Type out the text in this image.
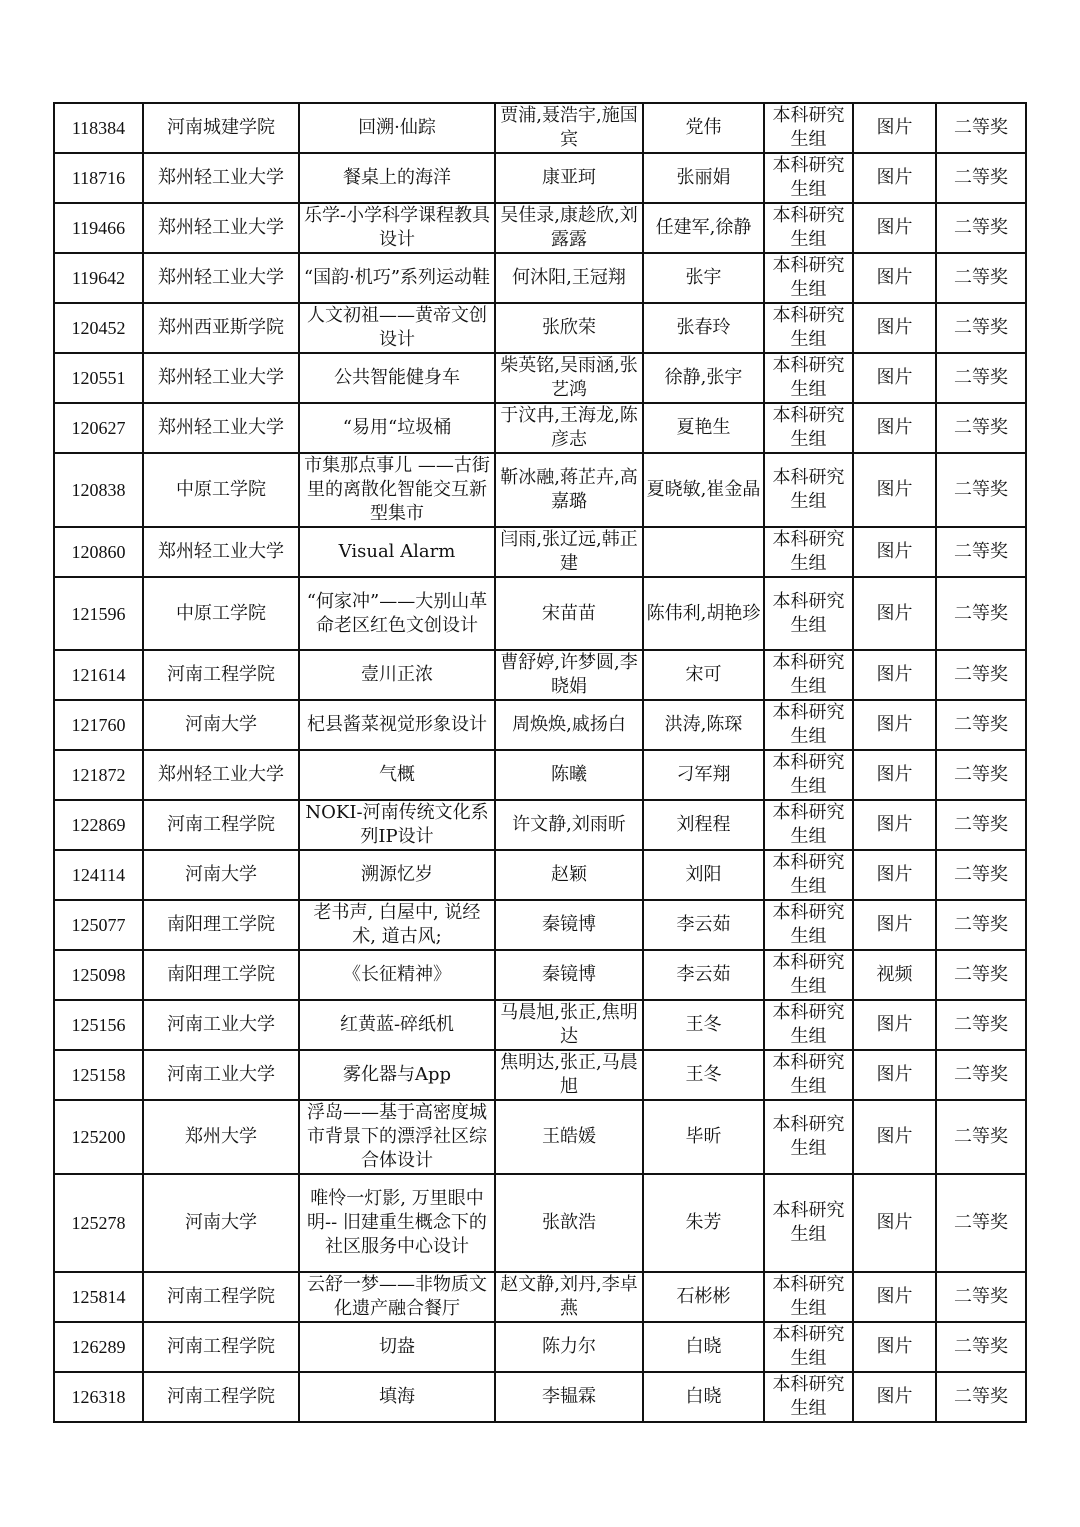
118384	河南城建学院	回溯·仙踪	贾浦,聂浩宇,施国宾	党伟	本科研究生组	图片	二等奖
118716	郑州轻工业大学	餐桌上的海洋	康亚珂	张丽娟	本科研究生组	图片	二等奖
119466	郑州轻工业大学	乐学-小学科学课程教具设计	吴佳录,康趁欣,刘露露	任建军,徐静	本科研究生组	图片	二等奖
119642	郑州轻工业大学	“国韵·机巧”系列运动鞋	何沐阳,王冠翔	张宇	本科研究生组	图片	二等奖
120452	郑州西亚斯学院	人文初祖——黄帝文创设计	张欣荣	张春玲	本科研究生组	图片	二等奖
120551	郑州轻工业大学	公共智能健身车	柴英铭,吴雨涵,张艺鸿	徐静,张宇	本科研究生组	图片	二等奖
120627	郑州轻工业大学	“易用“垃圾桶	于汶冉,王海龙,陈彦志	夏艳生	本科研究生组	图片	二等奖
120838	中原工学院	市集那点事儿 ——古街里的离散化智能交互新型集市	靳冰融,蒋芷卉,高嘉璐	夏晓敏,崔金晶	本科研究生组	图片	二等奖
120860	郑州轻工业大学	Visual Alarm	闫雨,张辽远,韩正建		本科研究生组	图片	二等奖
121596	中原工学院	“何家冲”——大别山革命老区红色文创设计	宋苗苗	陈伟利,胡艳珍	本科研究生组	图片	二等奖
121614	河南工程学院	壹川正浓	曹舒婷,许梦圆,李晓娟	宋可	本科研究生组	图片	二等奖
121760	河南大学	杞县酱菜视觉形象设计	周焕焕,戚扬白	洪涛,陈琛	本科研究生组	图片	二等奖
121872	郑州轻工业大学	气概	陈曦	刁军翔	本科研究生组	图片	二等奖
122869	河南工程学院	NOKI-河南传统文化系列IP设计	许文静,刘雨昕	刘程程	本科研究生组	图片	二等奖
124114	河南大学	溯源忆岁	赵颖	刘阳	本科研究生组	图片	二等奖
125077	南阳理工学院	老书声, 白屋中, 说经术, 道古风;	秦镜博	李云茹	本科研究生组	图片	二等奖
125098	南阳理工学院	《长征精神》	秦镜博	李云茹	本科研究生组	视频	二等奖
125156	河南工业大学	红黄蓝-碎纸机	马晨旭,张正,焦明达	王冬	本科研究生组	图片	二等奖
125158	河南工业大学	雾化器与App	焦明达,张正,马晨旭	王冬	本科研究生组	图片	二等奖
125200	郑州大学	浮岛——基于高密度城市背景下的漂浮社区综合体设计	王皓媛	毕昕	本科研究生组	图片	二等奖
125278	河南大学	唯怜一灯影, 万里眼中明-- 旧建重生概念下的社区服务中心设计	张歆浩	朱芳	本科研究生组	图片	二等奖
125814	河南工程学院	云舒一梦——非物质文化遗产融合餐厅	赵文静,刘丹,李卓燕	石彬彬	本科研究生组	图片	二等奖
126289	河南工程学院	切盎	陈力尔	白晓	本科研究生组	图片	二等奖
126318	河南工程学院	填海	李韫霖	白晓	本科研究生组	图片	二等奖
